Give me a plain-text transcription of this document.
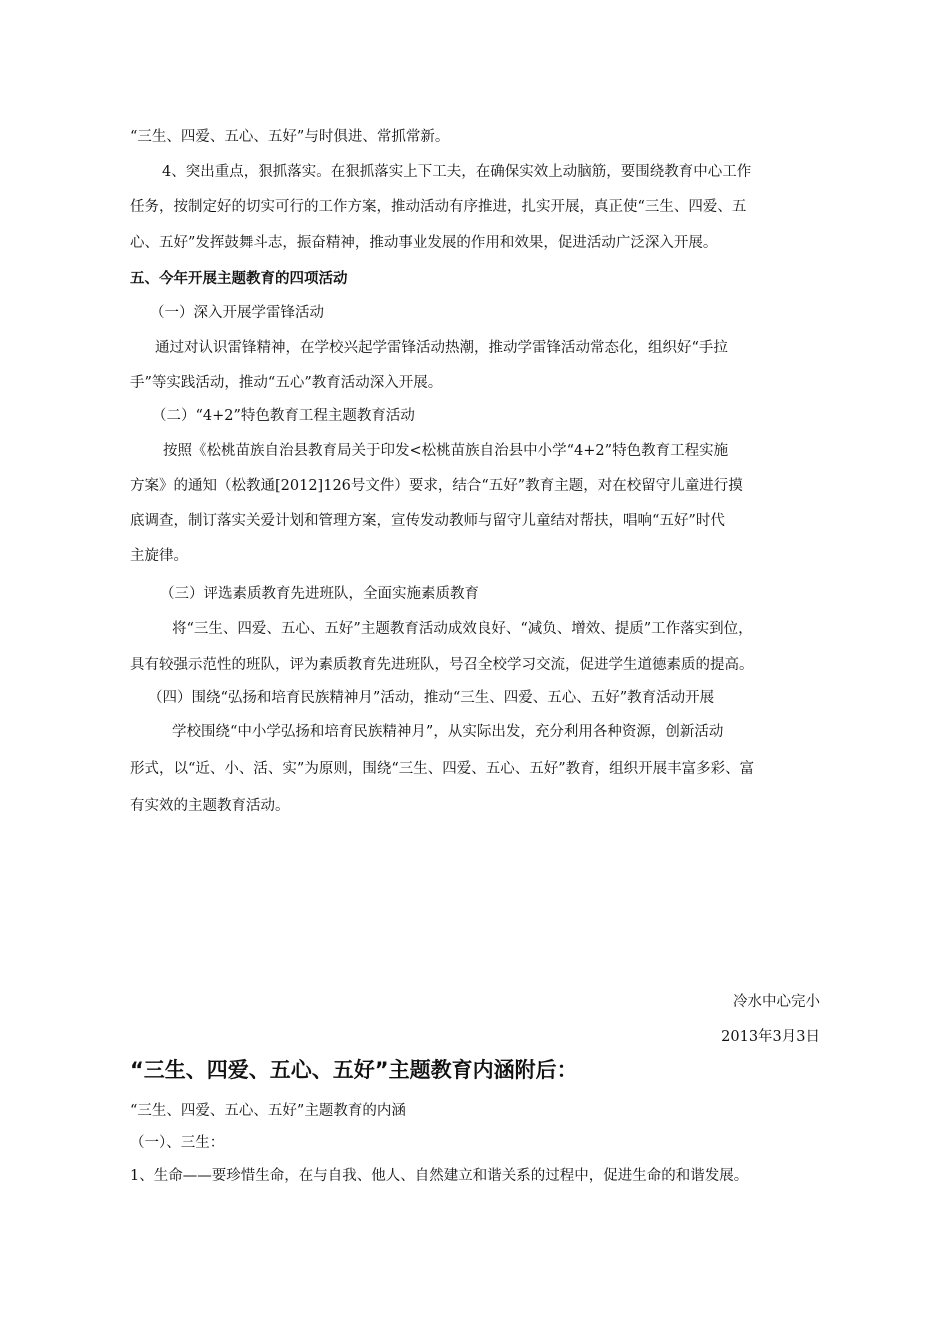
“三生、四爱、五心、五好”与时俱进、常抓常新。
4、突出重点，狠抓落实。在狠抓落实上下工夫，在确保实效上动脑筋，要围绕教育中心工作
任务，按制定好的切实可行的工作方案，推动活动有序推进，扎实开展，真正使“三生、四爱、五
心、五好”发挥鼓舞斗志，振奋精神，推动事业发展的作用和效果，促进活动广泛深入开展。
五、今年开展主题教育的四项活动
（一）深入开展学雷锋活动
通过对认识雷锋精神，在学校兴起学雷锋活动热潮，推动学雷锋活动常态化，组织好“手拉
手”等实践活动，推动“五心”教育活动深入开展。
（二）“4+2”特色教育工程主题教育活动
按照《松桃苗族自治县教育局关于印发<松桃苗族自治县中小学“4+2”特色教育工程实施
方案》的通知（松教通[2012]126号文件）要求，结合“五好”教育主题，对在校留守儿童进行摸
底调查，制订落实关爱计划和管理方案，宣传发动教师与留守儿童结对帮扶，唱响“五好”时代
主旋律。
（三）评选素质教育先进班队，全面实施素质教育
将“三生、四爱、五心、五好”主题教育活动成效良好、“减负、增效、提质”工作落实到位，
具有较强示范性的班队，评为素质教育先进班队，号召全校学习交流，促进学生道德素质的提高。
（四）围绕“弘扬和培育民族精神月”活动，推动“三生、四爱、五心、五好”教育活动开展
学校围绕“中小学弘扬和培育民族精神月”，从实际出发，充分利用各种资源，创新活动
形式，以“近、小、活、实”为原则，围绕“三生、四爱、五心、五好”教育，组织开展丰富多彩、富
有实效的主题教育活动。
冷水中心完小
2013年3月3日
“三生、四爱、五心、五好”主题教育内涵附后：
“三生、四爱、五心、五好”主题教育的内涵
（一）、三生：
1、生命——要珍惜生命，在与自我、他人、自然建立和谐关系的过程中，促进生命的和谐发展。
